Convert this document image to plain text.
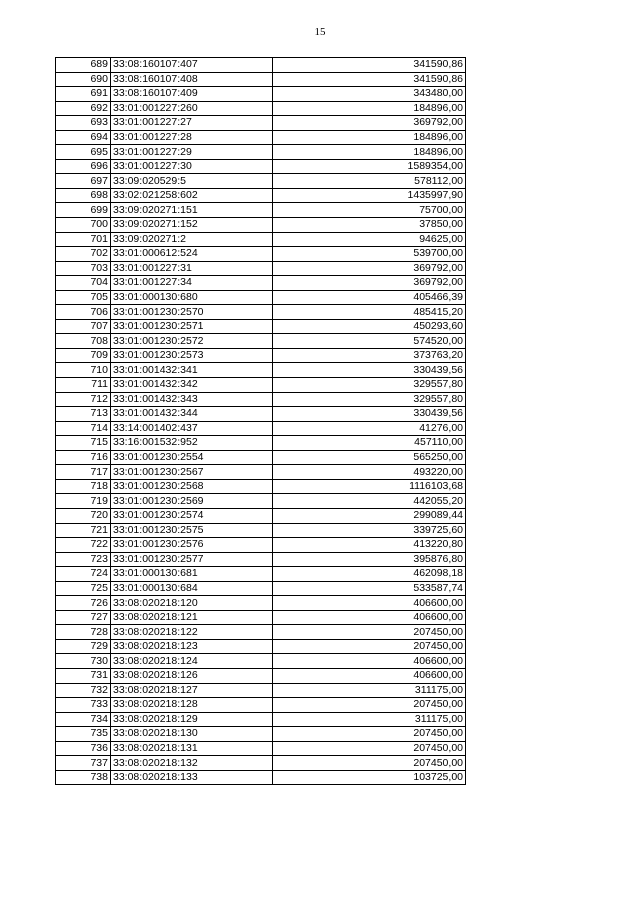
15
689	33:08:160107:407	341590,86
690	33:08:160107:408	341590,86
691	33:08:160107:409	343480,00
692	33:01:001227:260	184896,00
693	33:01:001227:27	369792,00
694	33:01:001227:28	184896,00
695	33:01:001227:29	184896,00
696	33:01:001227:30	1589354,00
697	33:09:020529:5	578112,00
698	33:02:021258:602	1435997,90
699	33:09:020271:151	75700,00
700	33:09:020271:152	37850,00
701	33:09:020271:2	94625,00
702	33:01:000612:524	539700,00
703	33:01:001227:31	369792,00
704	33:01:001227:34	369792,00
705	33:01:000130:680	405466,39
706	33:01:001230:2570	485415,20
707	33:01:001230:2571	450293,60
708	33:01:001230:2572	574520,00
709	33:01:001230:2573	373763,20
710	33:01:001432:341	330439,56
711	33:01:001432:342	329557,80
712	33:01:001432:343	329557,80
713	33:01:001432:344	330439,56
714	33:14:001402:437	41276,00
715	33:16:001532:952	457110,00
716	33:01:001230:2554	565250,00
717	33:01:001230:2567	493220,00
718	33:01:001230:2568	1116103,68
719	33:01:001230:2569	442055,20
720	33:01:001230:2574	299089,44
721	33:01:001230:2575	339725,60
722	33:01:001230:2576	413220,80
723	33:01:001230:2577	395876,80
724	33:01:000130:681	462098,18
725	33:01:000130:684	533587,74
726	33:08:020218:120	406600,00
727	33:08:020218:121	406600,00
728	33:08:020218:122	207450,00
729	33:08:020218:123	207450,00
730	33:08:020218:124	406600,00
731	33:08:020218:126	406600,00
732	33:08:020218:127	311175,00
733	33:08:020218:128	207450,00
734	33:08:020218:129	311175,00
735	33:08:020218:130	207450,00
736	33:08:020218:131	207450,00
737	33:08:020218:132	207450,00
738	33:08:020218:133	103725,00
